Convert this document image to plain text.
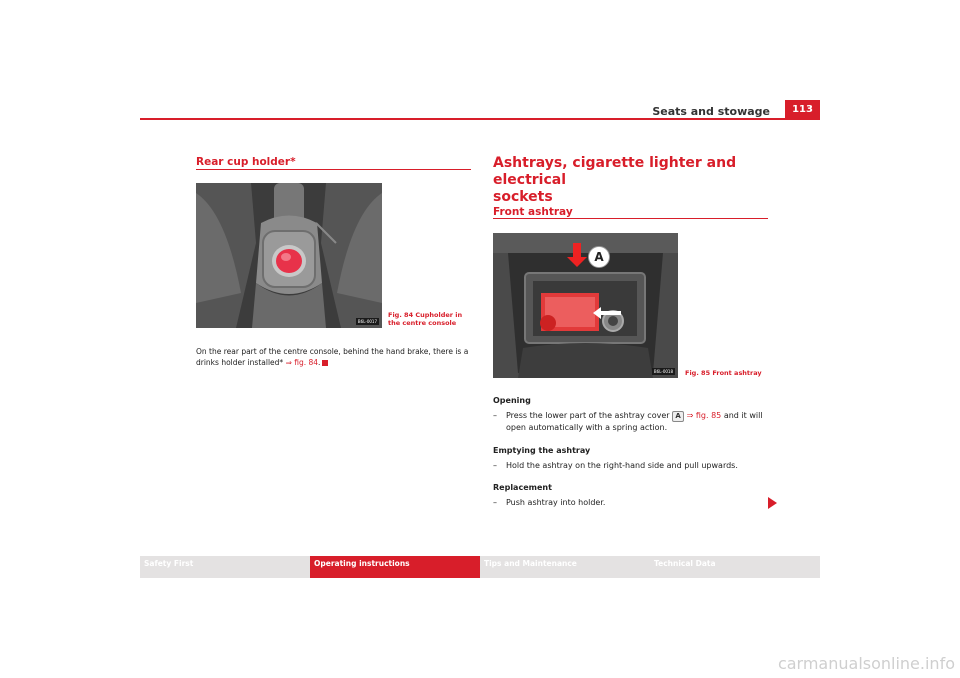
Seats and stowage	113
Rear cup holder*
B6L-0017
Fig. 84 Cupholder in the centre console
On the rear part of the centre console, behind the hand brake, there is a drinks holder installed* ⇒ fig. 84.
Ashtrays, cigarette lighter and electrical
sockets
Front ashtray
A
B6L-0018	Fig. 85 Front ashtray
Opening
– Press the lower part of the ashtray cover A ⇒ fig. 85 and it will
open automatically with a spring action.
Emptying the ashtray
– Hold the ashtray on the right-hand side and pull upwards.
Replacement
– Push ashtray into holder.
Safety First	Operating instructions	Tips and Maintenance	Technical Data
carmanualsonline.info
